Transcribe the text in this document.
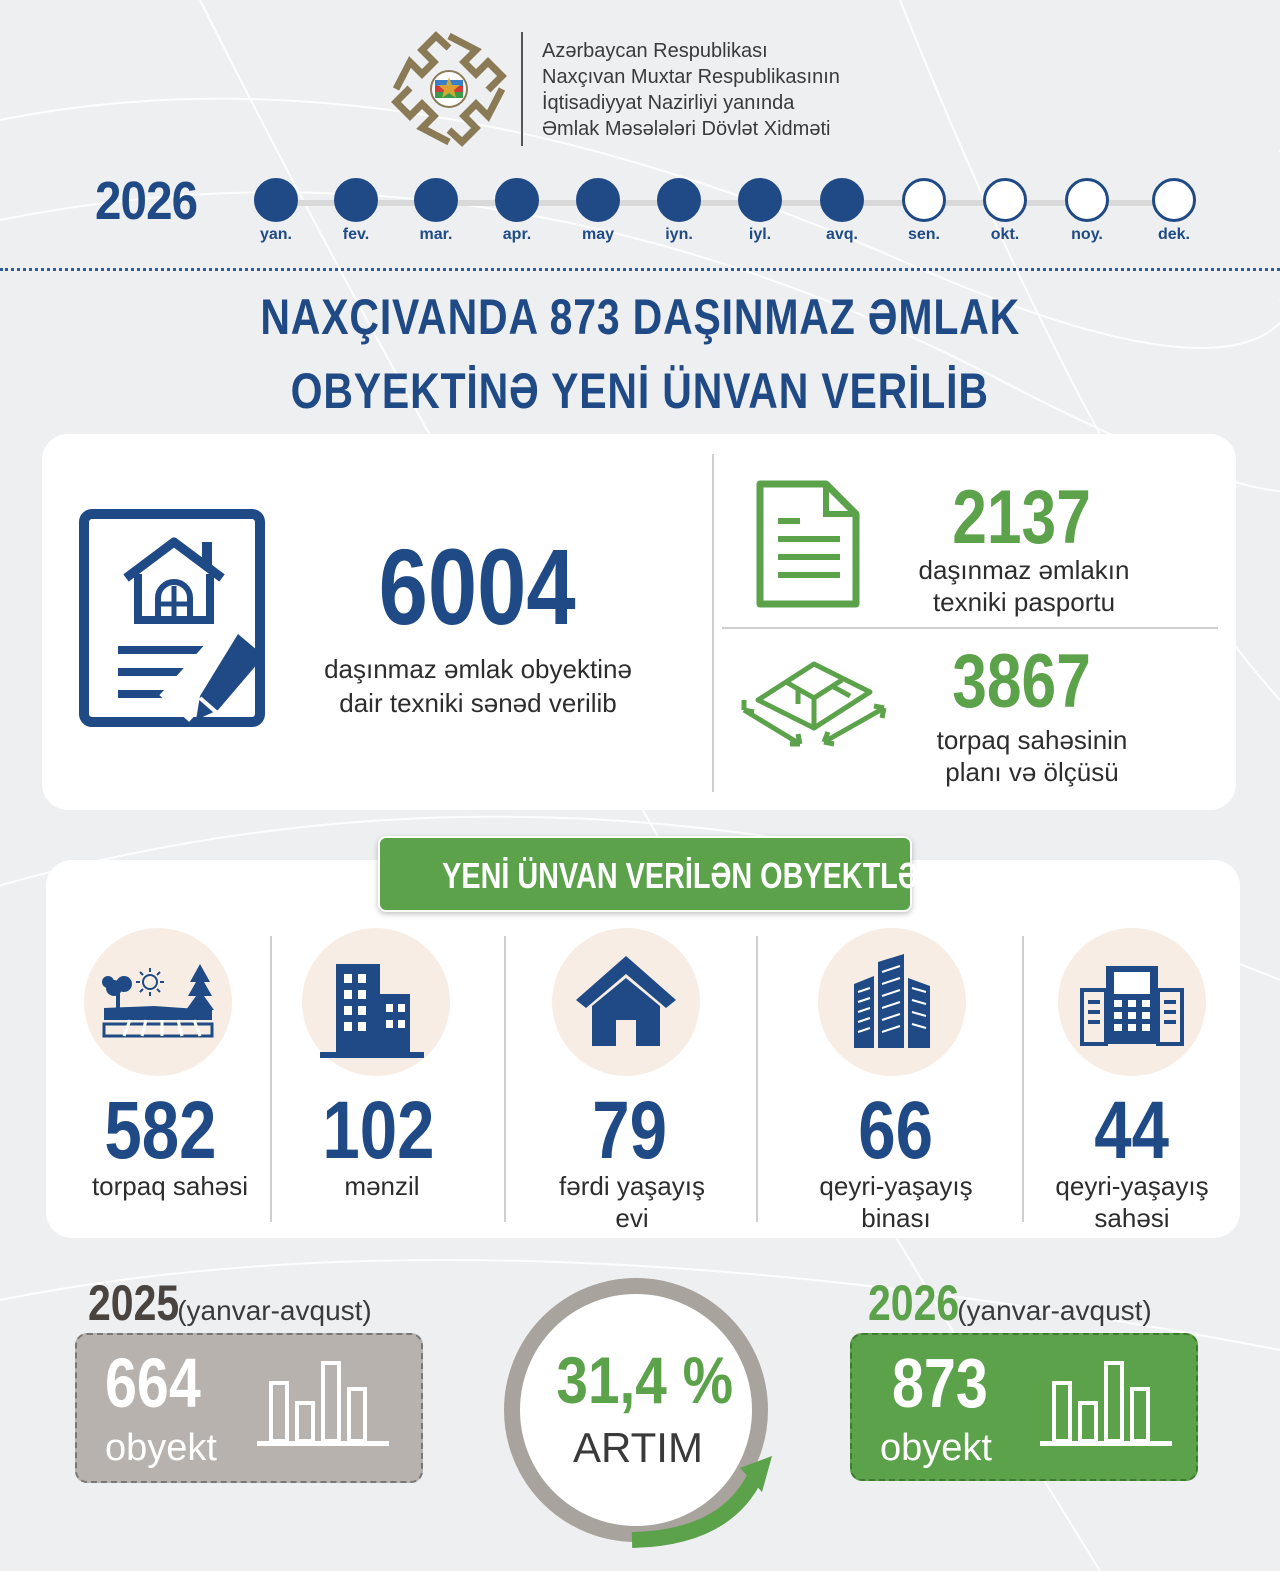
Azərbaycan Respublikası
Naxçıvan Muxtar Respublikasının
İqtisadiyyat Nazirliyi yanında
Əmlak Məsələləri Dövlət Xidməti
2026
yan.	fev.	mar.	apr.	may	iyn.	iyl.	avq.	sen.	okt.	noy.	dek.
NAXÇIVANDA 873 DAŞINMAZ ƏMLAK
OBYEKTİNƏ YENİ ÜNVAN VERİLİB
6004
daşınmaz əmlak obyektinə
dair texniki sənəd verilib
2137
daşınmaz əmlakın
texniki pasportu
3867
torpaq sahəsinin
planı və ölçüsü
YENİ ÜNVAN VERİLƏN OBYEKTLƏR
582
torpaq sahəsi
102
mənzil
79
fərdi yaşayış
evi
66
qeyri-yaşayış
binası
44
qeyri-yaşayış
sahəsi
2025(yanvar-avqust)
664
obyekt
31,4 %
ARTIM
2026(yanvar-avqust)
873
obyekt
